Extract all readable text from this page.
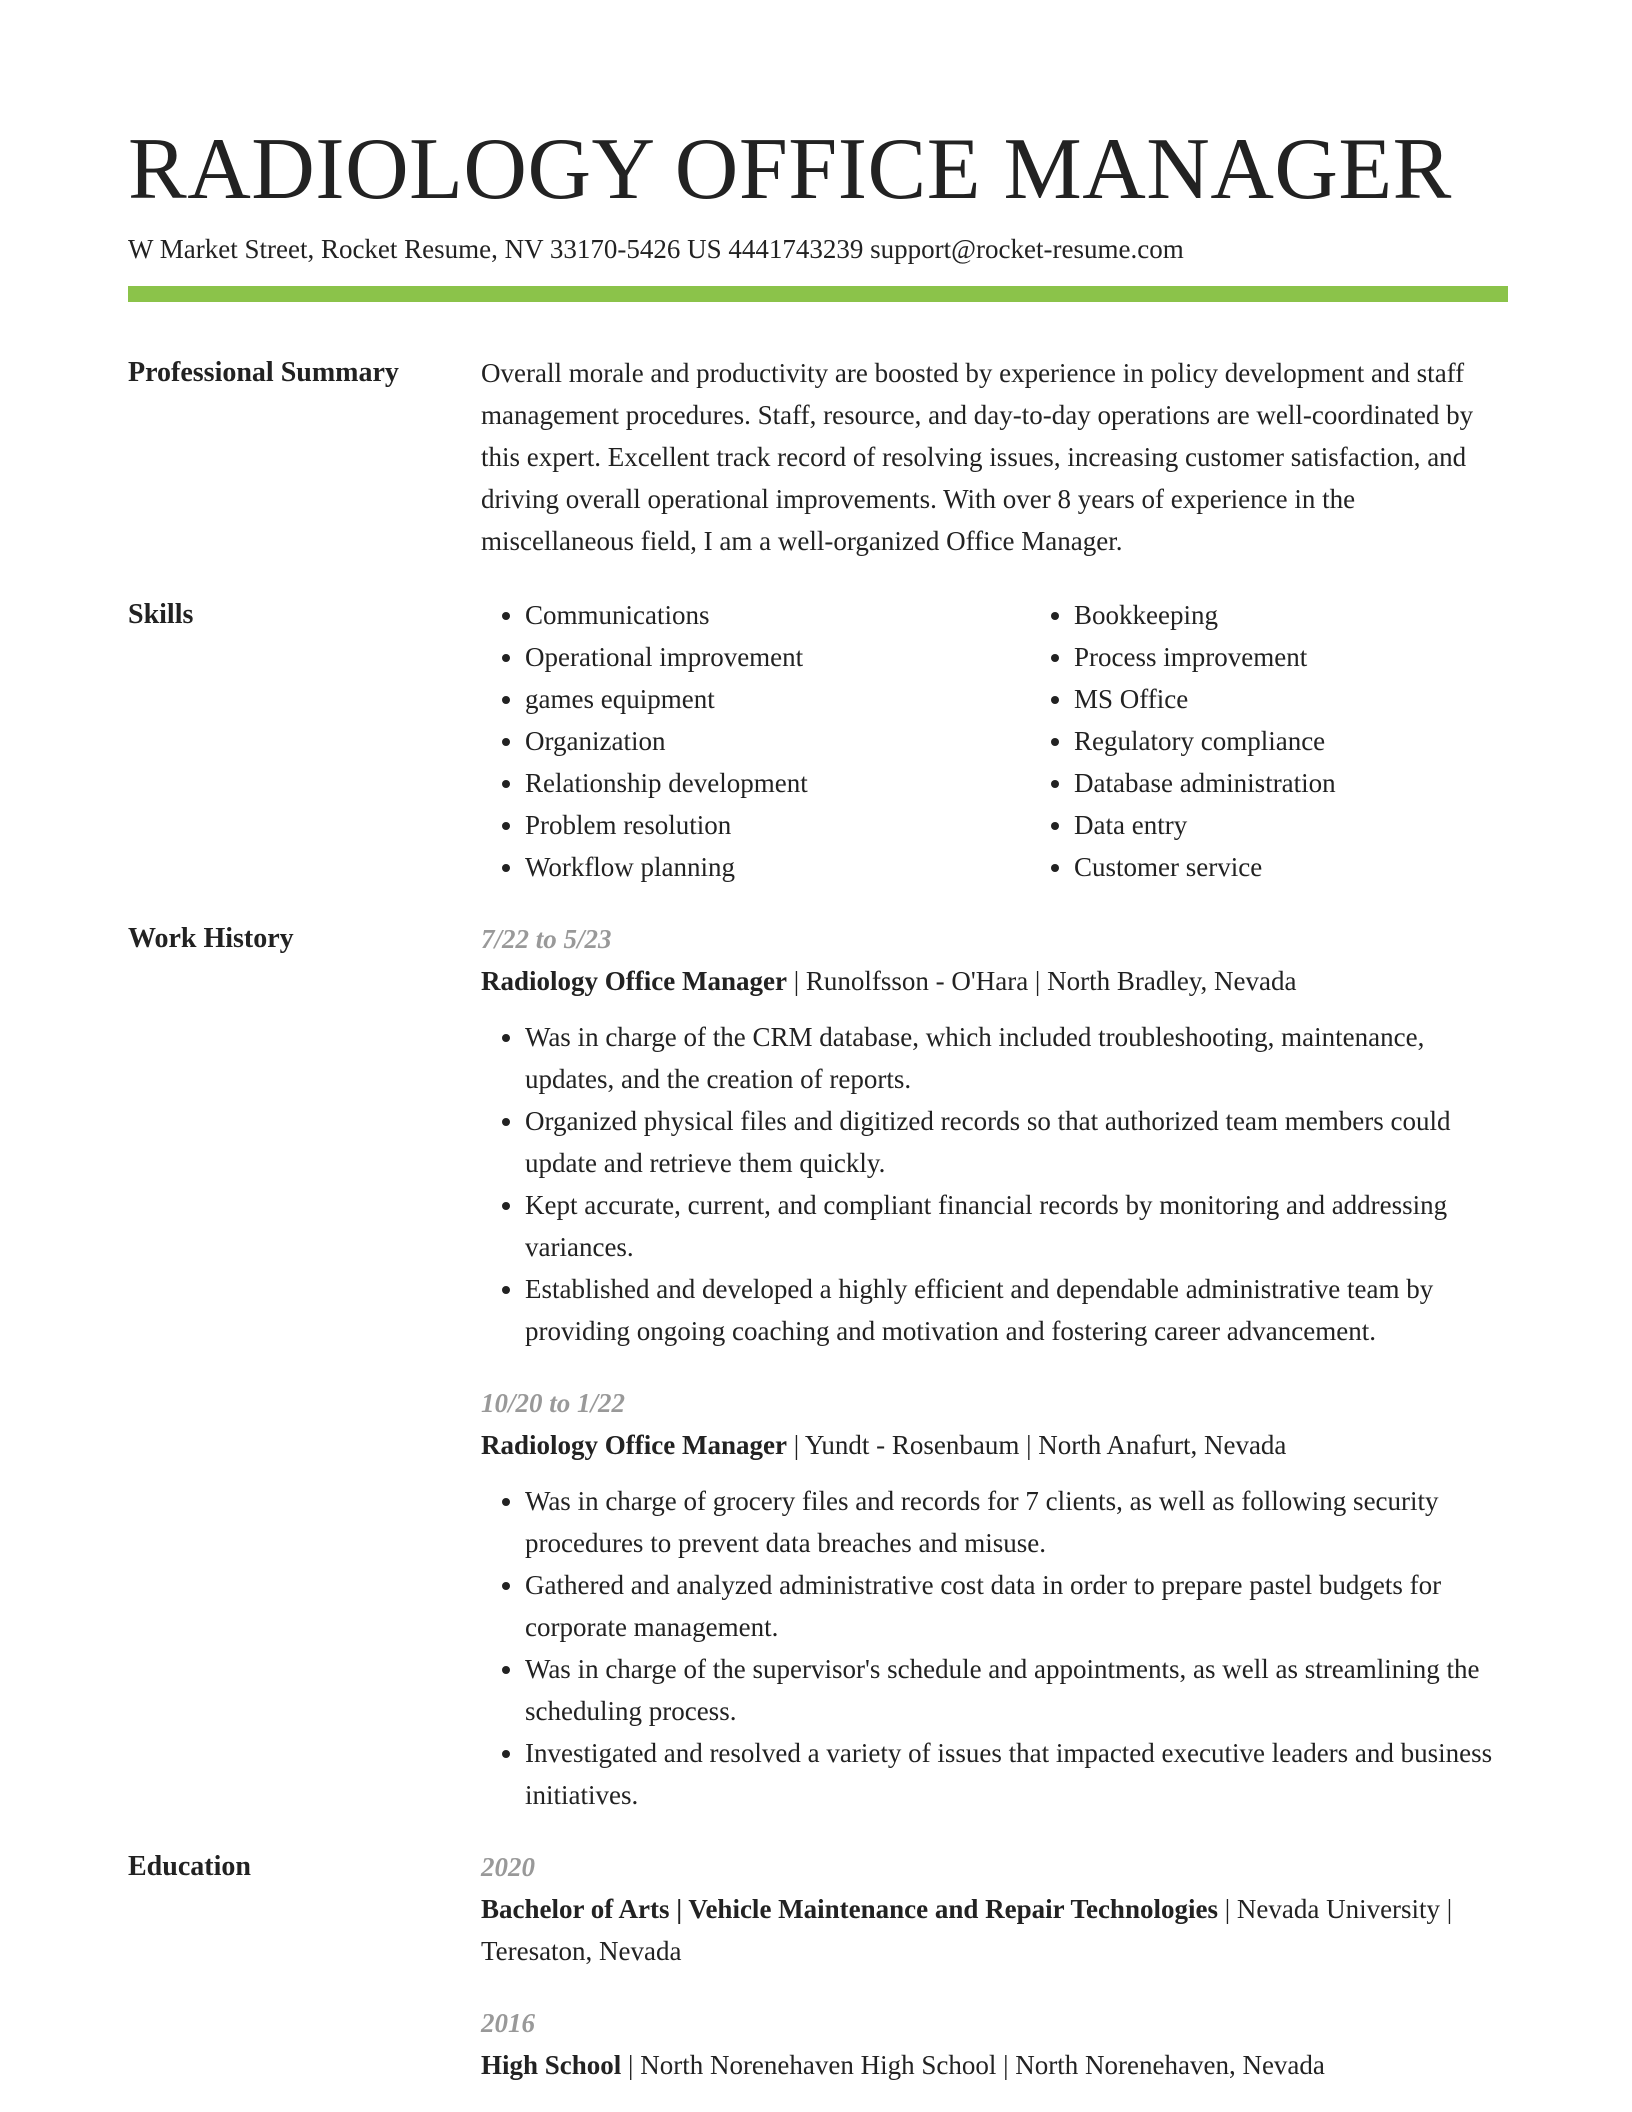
RADIOLOGY OFFICE MANAGER
W Market Street, Rocket Resume, NV 33170-5426 US 4441743239 support@rocket-resume.com
Professional Summary	Overall morale and productivity are boosted by experience in policy development and staff management procedures. Staff, resource, and day-to-day operations are well-coordinated by this expert. Excellent track record of resolving issues, increasing customer satisfaction, and driving overall operational improvements. With over 8 years of experience in the miscellaneous field, I am a well-organized Office Manager.
Skills
•	Communications
• Operational improvement
• games equipment
• Organization
• Relationship development
• Problem resolution
• Workflow planning
• Bookkeeping
• Process improvement
• MS Office
• Regulatory compliance
• Database administration
• Data entry
• Customer service
Work History	7/22 to 5/23
Radiology Office Manager | Runolfsson - O'Hara | North Bradley, Nevada
• Was in charge of the CRM database, which included troubleshooting, maintenance, updates, and the creation of reports.
• Organized physical files and digitized records so that authorized team members could update and retrieve them quickly.
• Kept accurate, current, and compliant financial records by monitoring and addressing variances.
• Established and developed a highly efficient and dependable administrative team by providing ongoing coaching and motivation and fostering career advancement.
10/20 to 1/22
Radiology Office Manager | Yundt - Rosenbaum | North Anafurt, Nevada
• Was in charge of grocery files and records for 7 clients, as well as following security procedures to prevent data breaches and misuse.
• Gathered and analyzed administrative cost data in order to prepare pastel budgets for corporate management.
• Was in charge of the supervisor's schedule and appointments, as well as streamlining the scheduling process.
• Investigated and resolved a variety of issues that impacted executive leaders and business initiatives.
Education	2020
Bachelor of Arts | Vehicle Maintenance and Repair Technologies | Nevada University | Teresaton, Nevada
2016
High School | North Norenehaven High School | North Norenehaven, Nevada
